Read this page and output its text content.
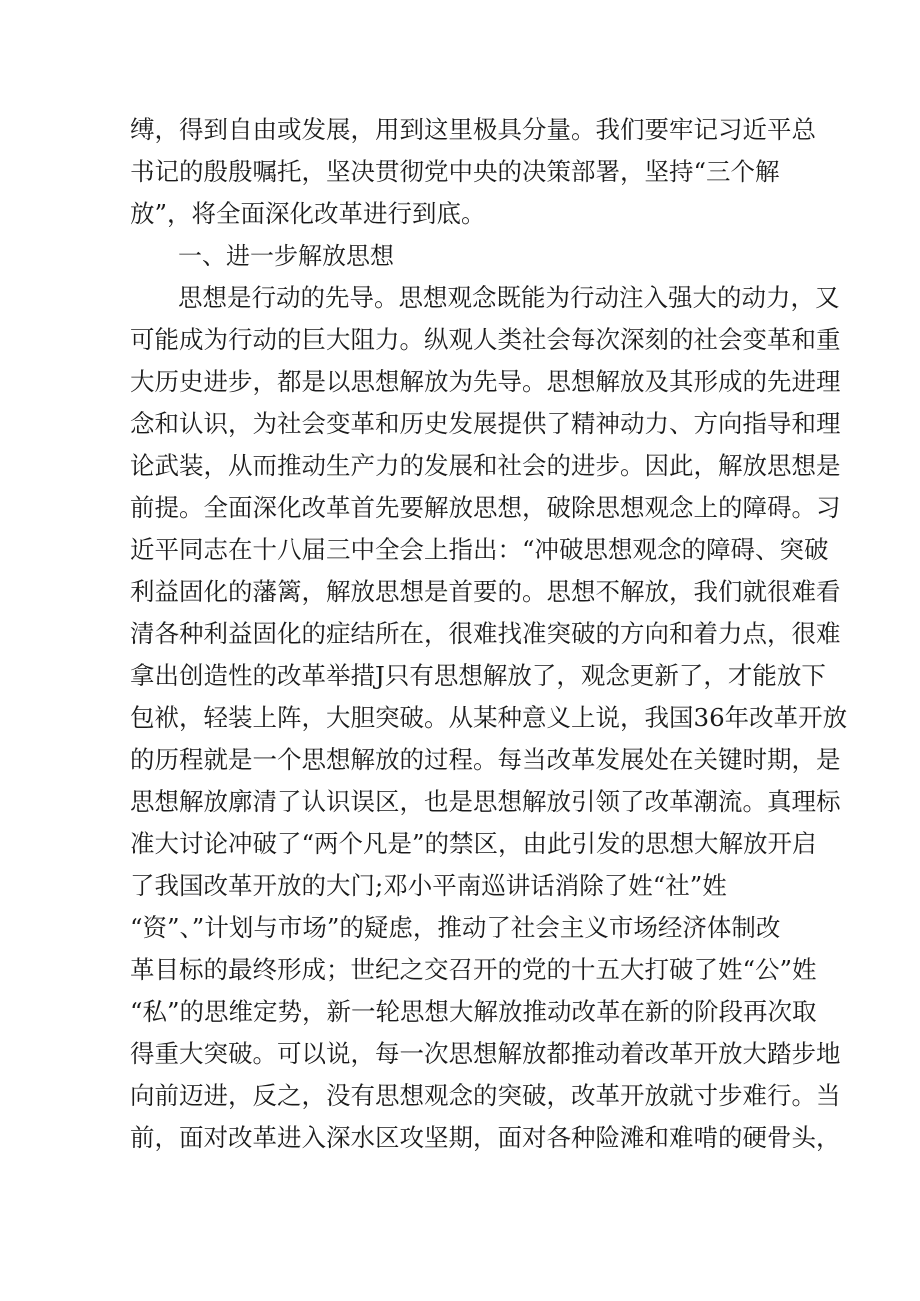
缚，得到自由或发展，用到这里极具分量。我们要牢记习近平总
书记的殷殷嘱托，坚决贯彻党中央的决策部署，坚持“三个解
放”，将全面深化改革进行到底。
一、进一步解放思想
思想是行动的先导。思想观念既能为行动注入强大的动力，又
可能成为行动的巨大阻力。纵观人类社会每次深刻的社会变革和重
大历史进步，都是以思想解放为先导。思想解放及其形成的先进理
念和认识，为社会变革和历史发展提供了精神动力、方向指导和理
论武装，从而推动生产力的发展和社会的进步。因此，解放思想是
前提。全面深化改革首先要解放思想，破除思想观念上的障碍。习
近平同志在十八届三中全会上指出：“冲破思想观念的障碍、突破
利益固化的藩篱，解放思想是首要的。思想不解放，我们就很难看
清各种利益固化的症结所在，很难找准突破的方向和着力点，很难
拿出创造性的改革举措J只有思想解放了，观念更新了，才能放下
包袱，轻装上阵，大胆突破。从某种意义上说，我国36年改革开放
的历程就是一个思想解放的过程。每当改革发展处在关键时期，是
思想解放廓清了认识误区，也是思想解放引领了改革潮流。真理标
准大讨论冲破了“两个凡是”的禁区，由此引发的思想大解放开启
了我国改革开放的大门;邓小平南巡讲话消除了姓“社”姓
“资”、”计划与市场”的疑虑，推动了社会主义市场经济体制改
革目标的最终形成；世纪之交召开的党的十五大打破了姓“公”姓
“私”的思维定势，新一轮思想大解放推动改革在新的阶段再次取
得重大突破。可以说，每一次思想解放都推动着改革开放大踏步地
向前迈进，反之，没有思想观念的突破，改革开放就寸步难行。当
前，面对改革进入深水区攻坚期，面对各种险滩和难啃的硬骨头，
